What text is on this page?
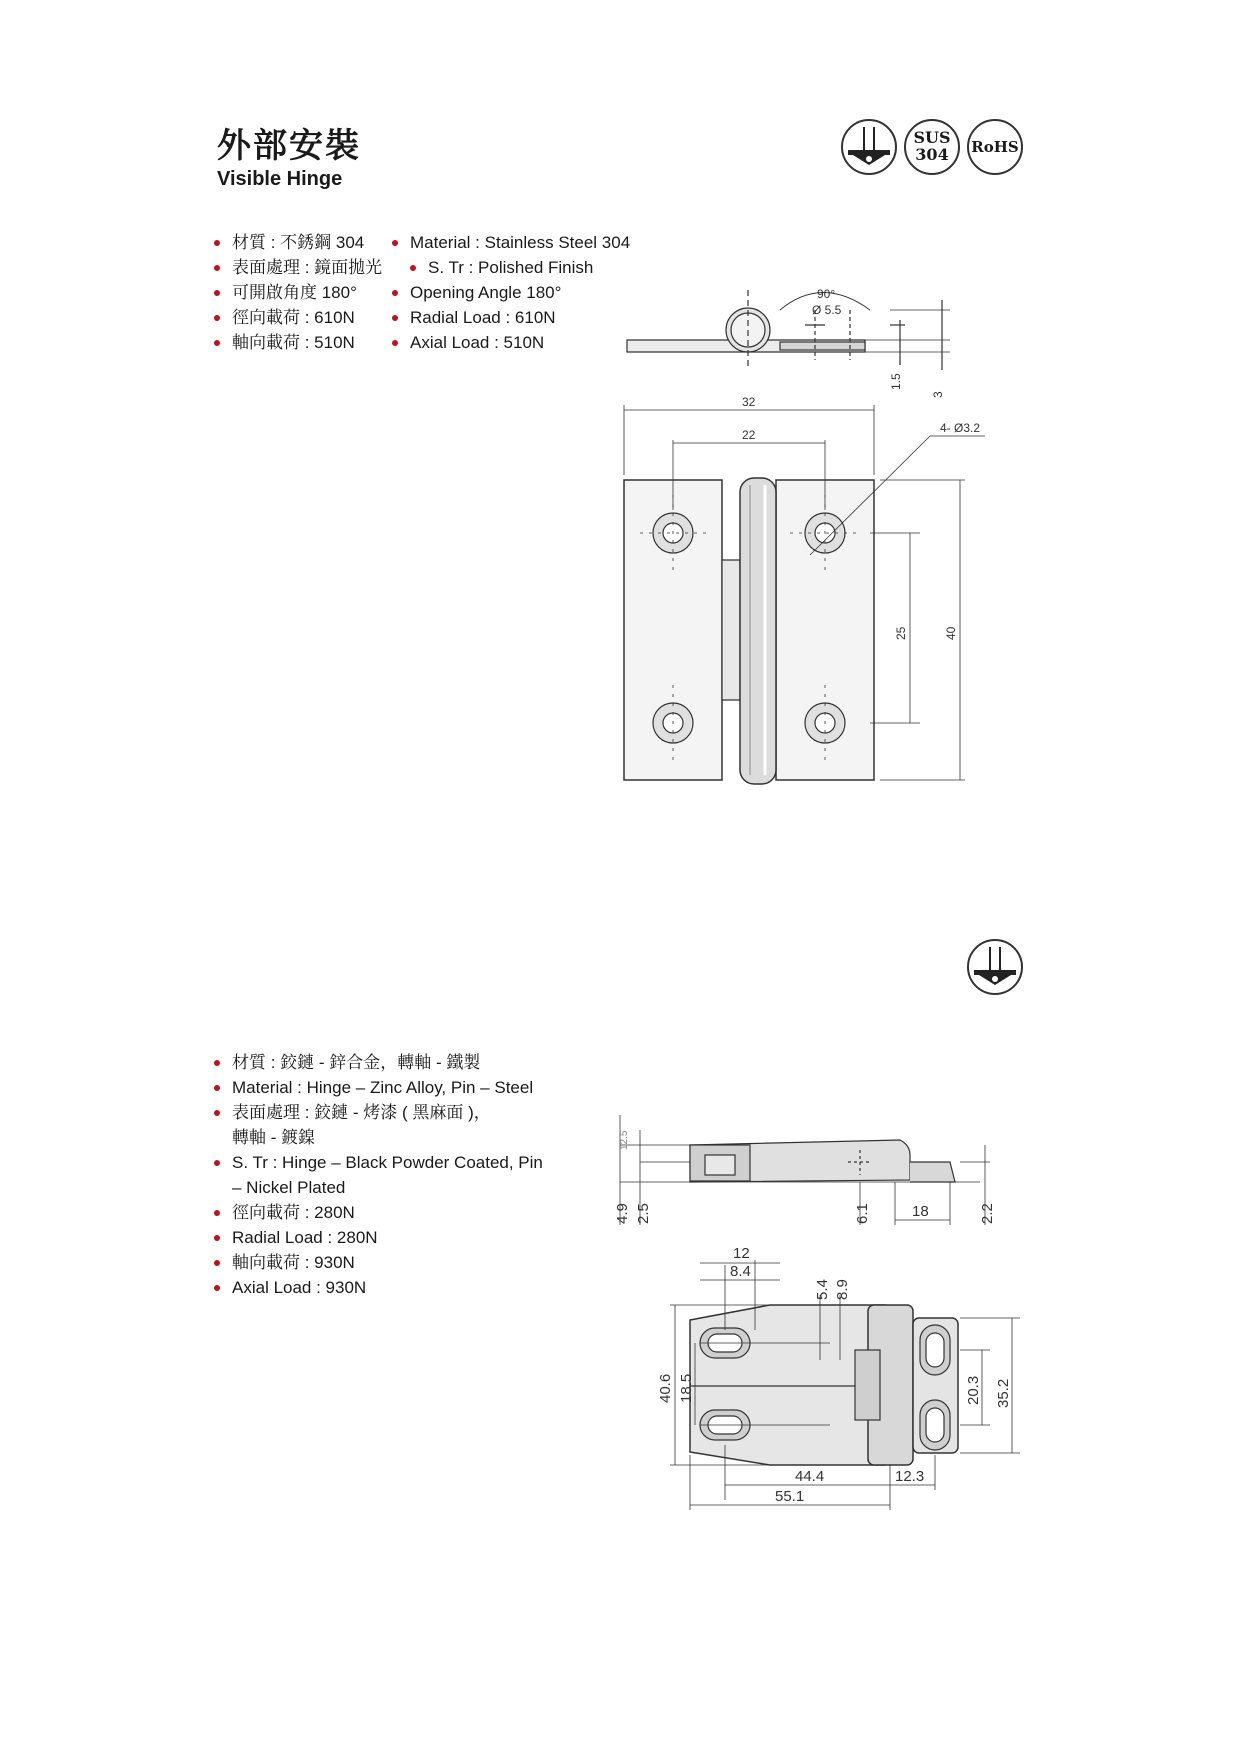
外部安裝
Visible Hinge
SUS
304	RoHS
材質 : 不銹鋼 304
表面處理 : 鏡面拋光
可開啟角度 180°
徑向載荷 : 610N
軸向載荷 : 510N
Material : Stainless Steel 304
S. Tr : Polished Finish
Opening Angle 180°
Radial Load : 610N
Axial Load : 510N
90°
Ø 5.5
1.5
3
32
22	4- Ø3.2
25	40
材質 : 鉸鏈 - 鋅合金，轉軸 - 鐵製
Material : Hinge – Zinc Alloy, Pin – Steel
表面處理 : 鉸鏈 - 烤漆 ( 黑麻面 )，
轉軸 - 鍍鎳
S. Tr : Hinge – Black Powder Coated, Pin
– Nickel Plated
徑向載荷 : 280N
Radial Load : 280N
軸向載荷 : 930N
Axial Load : 930N
4.9 2.5	6.1	18	2.2
12
8.4
5.4 8.9
40.6 18.5	20.3 35.2
44.4	12.3
55.1
12.5
